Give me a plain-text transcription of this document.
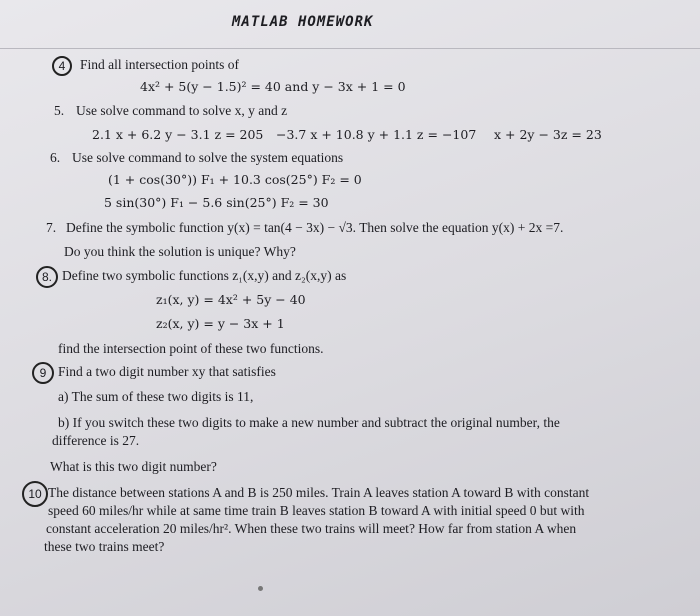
MATLAB HOMEWORK
4	Find all intersection points of
4x² + 5(y − 1.5)² = 40 and y − 3x + 1 = 0
5. Use solve command to solve x, y and z
2.1 x + 6.2 y − 3.1 z = 205 −3.7 x + 10.8 y + 1.1 z = −107 x + 2y − 3z = 23
6. Use solve command to solve the system equations
(1 + cos(30°)) F₁ + 10.3 cos(25°) F₂ = 0
5 sin(30°) F₁ − 5.6 sin(25°) F₂ = 30
7. Define the symbolic function y(x) = tan(4 − 3x) − √3. Then solve the equation y(x) + 2x =7.
Do you think the solution is unique? Why?
8. Define two symbolic functions z₁(x,y) and z₂(x,y) as
z₁(x, y) = 4x² + 5y − 40
z₂(x, y) = y − 3x + 1
find the intersection point of these two functions.
9 Find a two digit number xy that satisfies
a) The sum of these two digits is 11,
b) If you switch these two digits to make a new number and subtract the original number, the
difference is 27.
What is this two digit number?
10 The distance between stations A and B is 250 miles. Train A leaves station A toward B with constant
speed 60 miles/hr while at same time train B leaves station B toward A with initial speed 0 but with
constant acceleration 20 miles/hr². When these two trains will meet? How far from station A when
these two trains meet?
